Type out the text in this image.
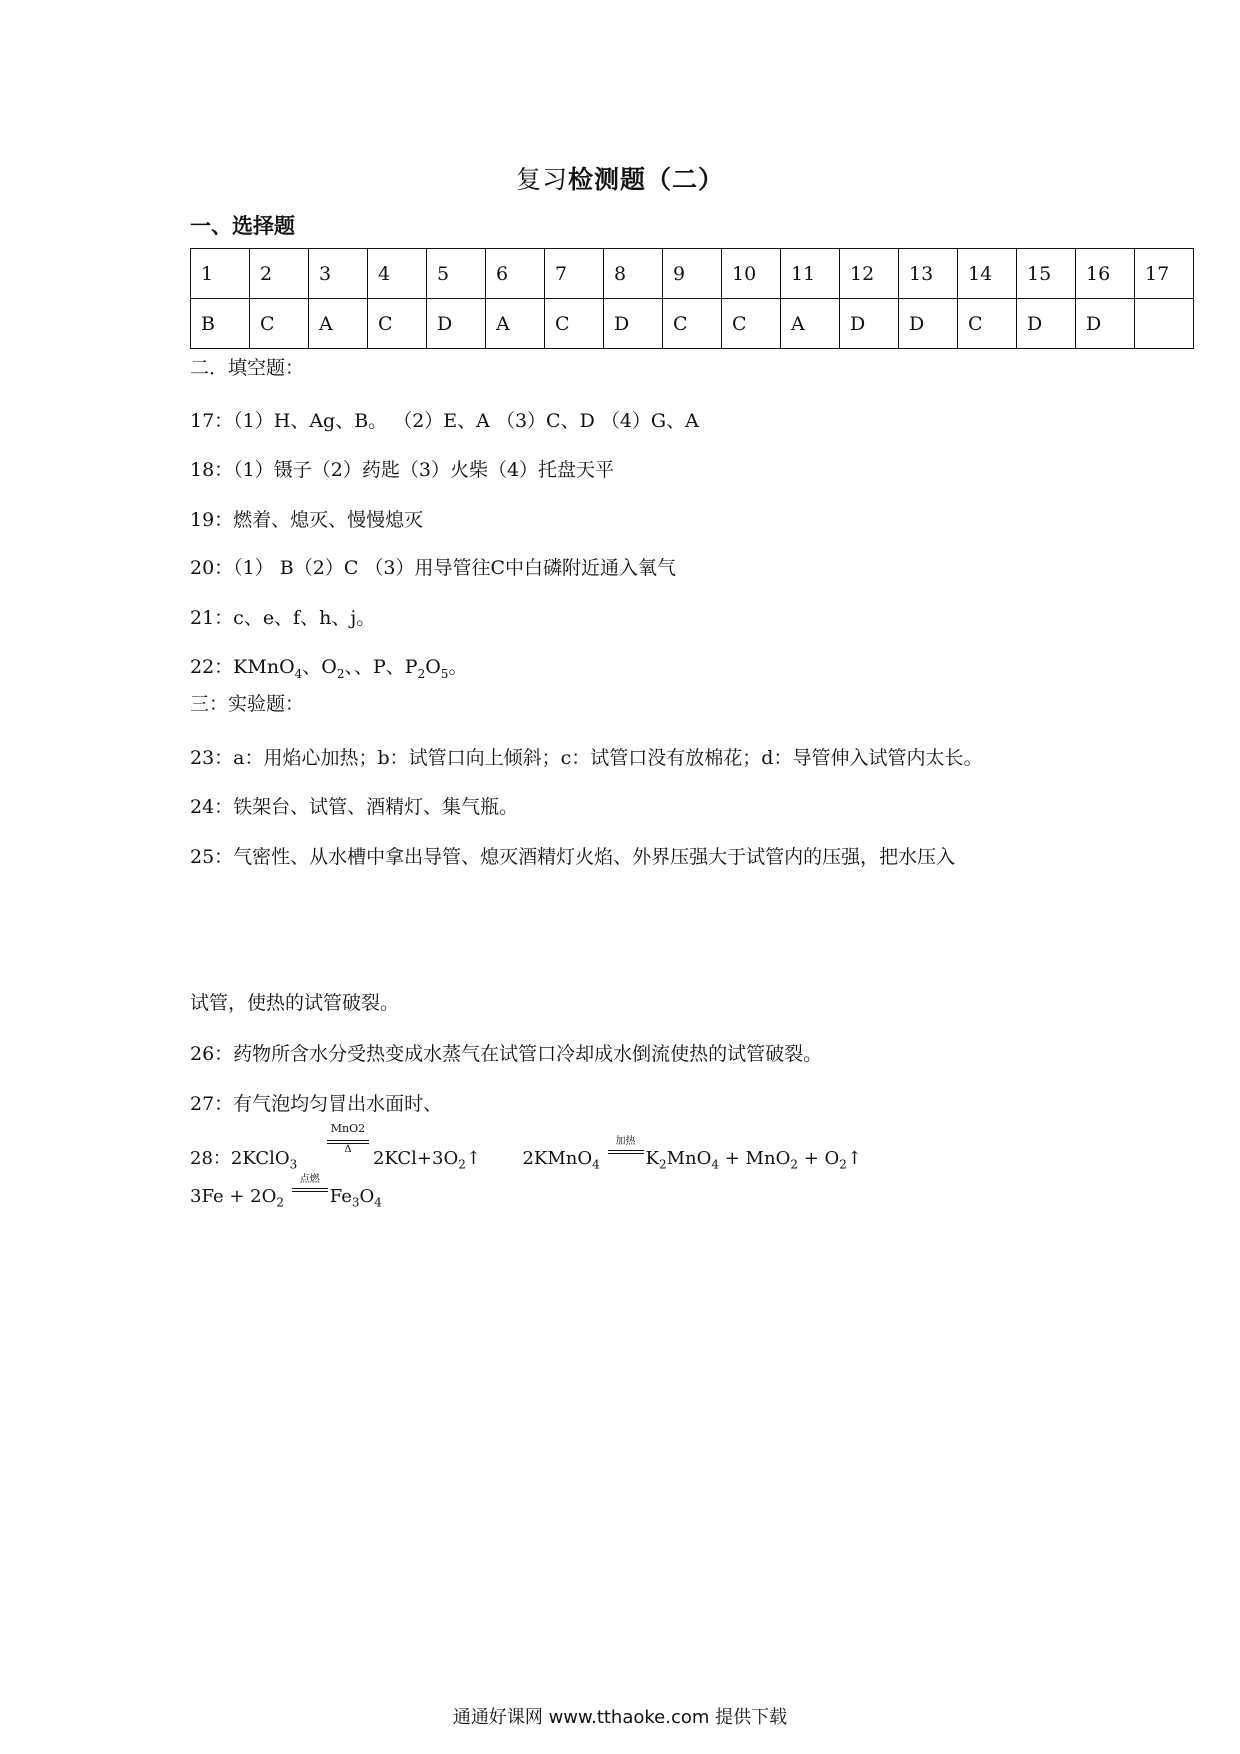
复习检测题（二）
一、选择题
1	2	3	4	5	6	7	8	9	10	11	12	13	14	15	16	17
B	C	A	C	D	A	C	D	C	C	A	D	D	C	D	D	
二．填空题：
17：（1）H、Ag、B。 （2）E、A （3）C、D （4）G、A
18：（1）镊子（2）药匙（3）火柴（4）托盘天平
19：燃着、熄灭、慢慢熄灭
20：（1） B（2）C （3）用导管往C中白磷附近通入氧气
21：c、e、f、h、j。
22：KMnO$_4$、$O_2$、、P、$P_2O_5$。
三：实验题：
23：a：用焰心加热；b：试管口向上倾斜；c：试管口没有放棉花；d：导管伸入试管内太长。
24：铁架台、试管、酒精灯、集气瓶。
25：气密性、从水槽中拿出导管、熄灭酒精灯火焰、外界压强大于试管内的压强，把水压入
试管，使热的试管破裂。
26：药物所含水分受热变成水蒸气在试管口冷却成水倒流使热的试管破裂。
27：有气泡均匀冒出水面时、
28：2KClO$_3$
MnO2
Δ	$2KCl+3O_2↑$ 2KMnO$_4$
加热
$K_2MnO_4 + MnO_2$ + $O_2↑$
$3Fe + 2O_2$
点燃
$Fe_3O_4$
通通好课网 www.tthaoke.com 提供下载
